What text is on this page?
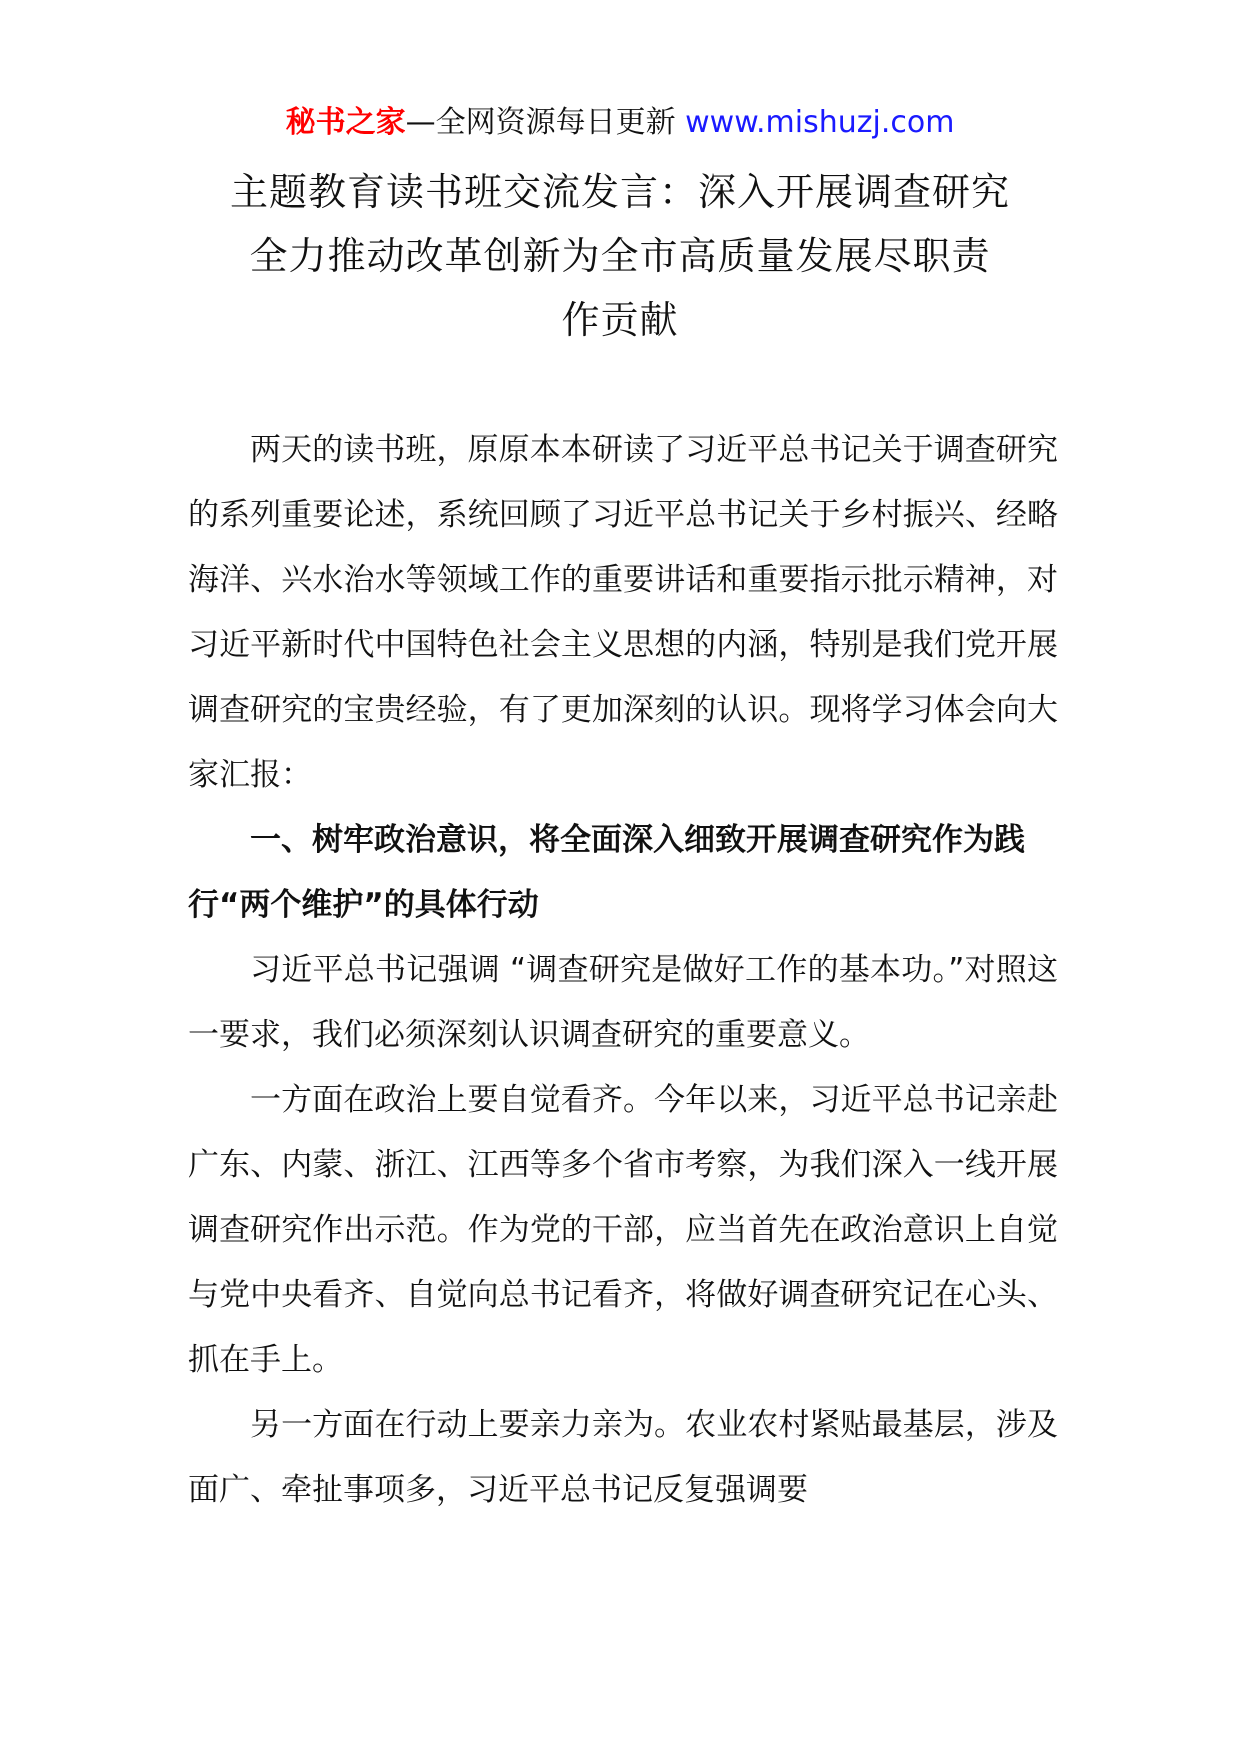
秘书之家—全网资源每日更新 www.mishuzj.com
主题教育读书班交流发言：深入开展调查研究
全力推动改革创新为全市高质量发展尽职责
作贡献

两天的读书班，原原本本研读了习近平总书记关于调查研究的系列重要论述，系统回顾了习近平总书记关于乡村振兴、经略海洋、兴水治水等领域工作的重要讲话和重要指示批示精神，对习近平新时代中国特色社会主义思想的内涵，特别是我们党开展调查研究的宝贵经验，有了更加深刻的认识。现将学习体会向大家汇报：

一、树牢政治意识，将全面深入细致开展调查研究作为践行“两个维护”的具体行动

习近平总书记强调 “调查研究是做好工作的基本功。”对照这一要求，我们必须深刻认识调查研究的重要意义。

一方面在政治上要自觉看齐。今年以来，习近平总书记亲赴广东、内蒙、浙江、江西等多个省市考察，为我们深入一线开展调查研究作出示范。作为党的干部，应当首先在政治意识上自觉与党中央看齐、自觉向总书记看齐，将做好调查研究记在心头、抓在手上。

另一方面在行动上要亲力亲为。农业农村紧贴最基层，涉及面广、牵扯事项多，习近平总书记反复强调要
